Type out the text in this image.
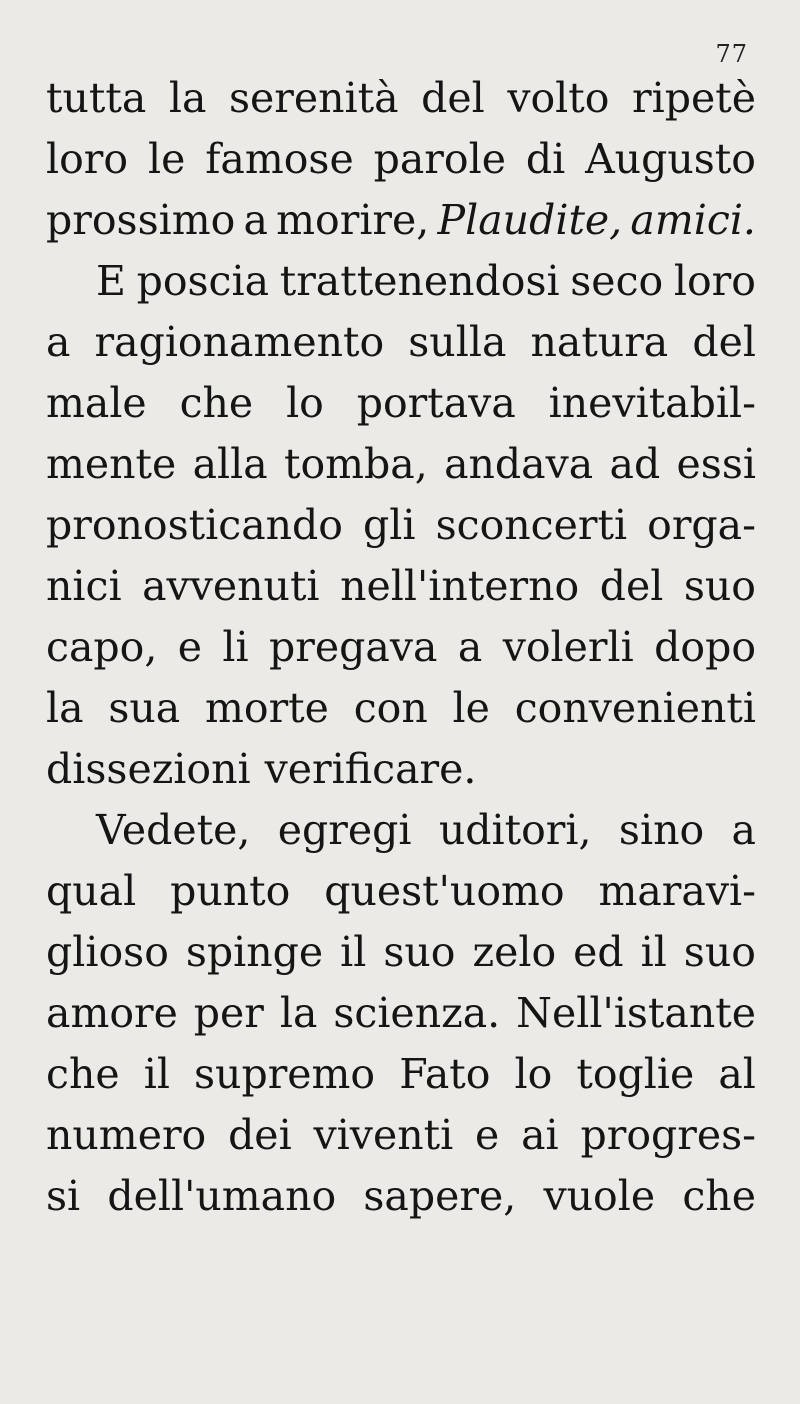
77
tutta la serenità del volto ripetè
loro le famose parole di Augusto
prossimo a morire, Plaudite, amici.
E poscia trattenendosi seco loro
a ragionamento sulla natura del
male che lo portava inevitabil-
mente alla tomba, andava ad essi
pronosticando gli sconcerti orga-
nici avvenuti nell'interno del suo
capo, e li pregava a volerli dopo
la sua morte con le convenienti
dissezioni verificare.
Vedete, egregi uditori, sino a
qual punto quest'uomo maravi-
glioso spinge il suo zelo ed il suo
amore per la scienza. Nell'istante
che il supremo Fato lo toglie al
numero dei viventi e ai progres-
si dell'umano sapere, vuole che
